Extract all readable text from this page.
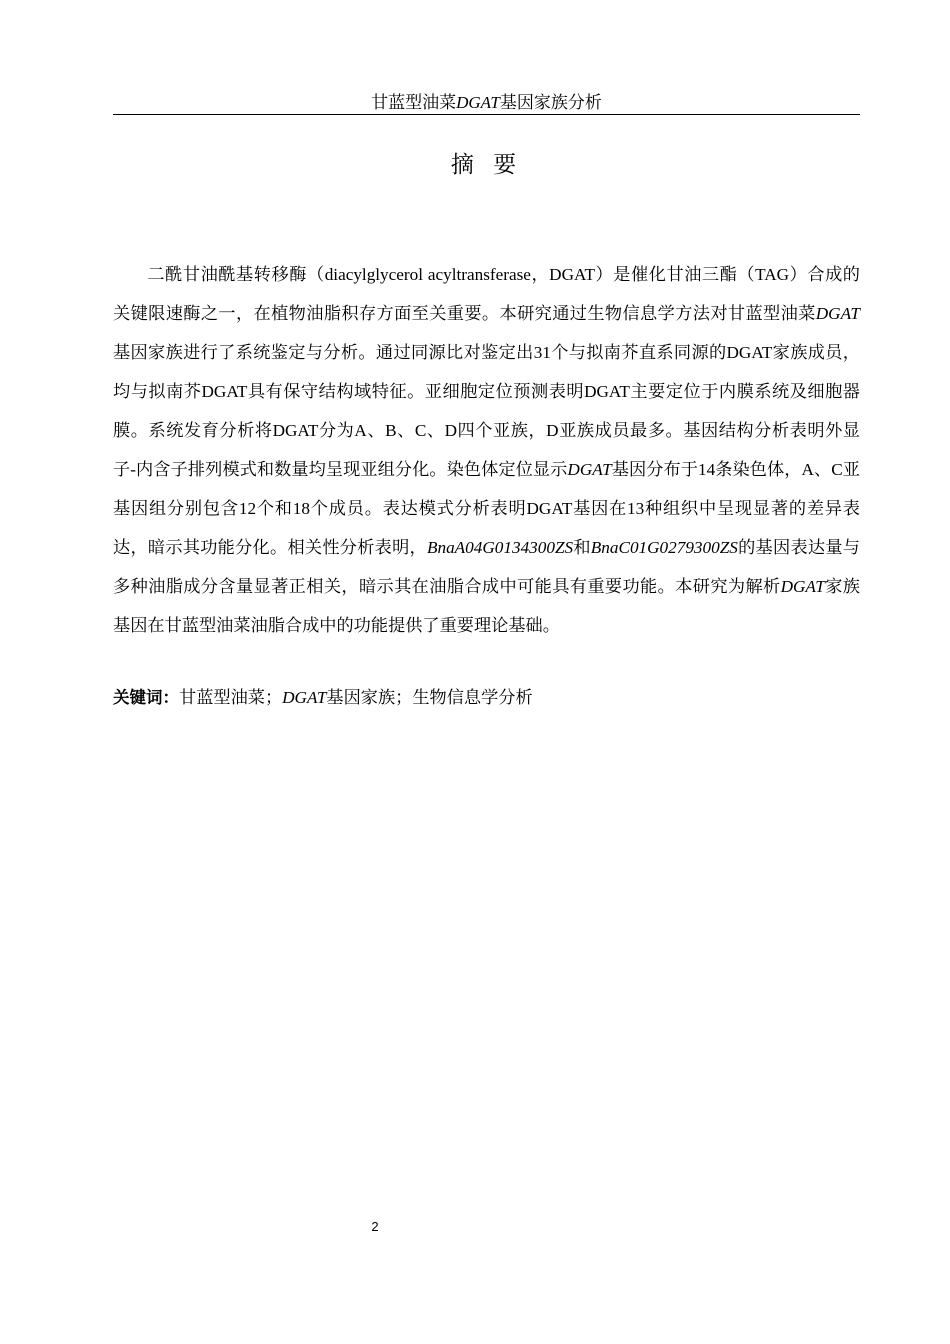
甘蓝型油菜DGAT基因家族分析
摘 要

二酰甘油酰基转移酶（diacylglycerol acyltransferase，DGAT）是催化甘油三酯（TAG）合成的关键限速酶之一，在植物油脂积存方面至关重要。本研究通过生物信息学方法对甘蓝型油菜DGAT基因家族进行了系统鉴定与分析。通过同源比对鉴定出31个与拟南芥直系同源的DGAT家族成员，均与拟南芥DGAT具有保守结构域特征。亚细胞定位预测表明DGAT主要定位于内膜系统及细胞器膜。系统发育分析将DGAT分为A、B、C、D四个亚族，D亚族成员最多。基因结构分析表明外显子-内含子排列模式和数量均呈现亚组分化。染色体定位显示DGAT基因分布于14条染色体，A、C亚基因组分别包含12个和18个成员。表达模式分析表明DGAT基因在13种组织中呈现显著的差异表达，暗示其功能分化。相关性分析表明，BnaA04G0134300ZS和BnaC01G0279300ZS的基因表达量与多种油脂成分含量显著正相关，暗示其在油脂合成中可能具有重要功能。本研究为解析DGAT家族基因在甘蓝型油菜油脂合成中的功能提供了重要理论基础。

关键词：甘蓝型油菜；DGAT基因家族；生物信息学分析

2
